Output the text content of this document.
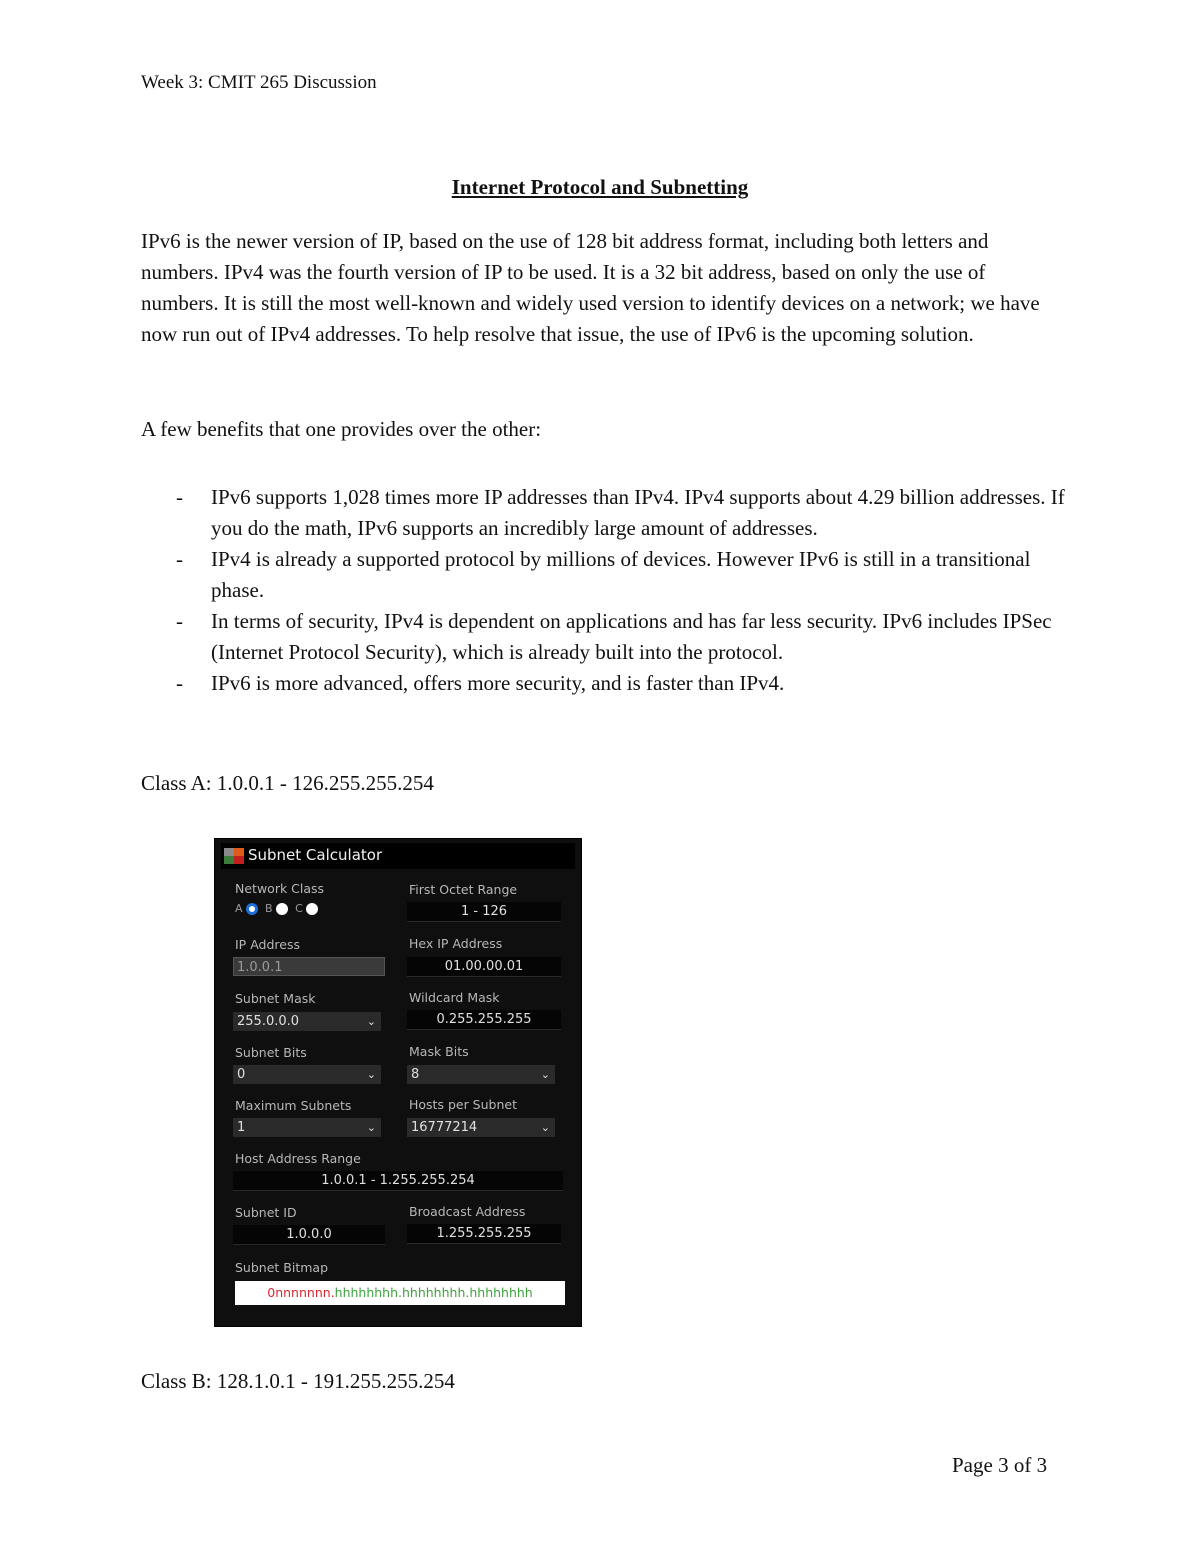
Week 3: CMIT 265 Discussion
Internet Protocol and Subnetting

IPv6 is the newer version of IP, based on the use of 128 bit address format, including both letters and numbers. IPv4 was the fourth version of IP to be used. It is a 32 bit address, based on only the use of numbers. It is still the most well-known and widely used version to identify devices on a network; we have now run out of IPv4 addresses. To help resolve that issue, the use of IPv6 is the upcoming solution.

A few benefits that one provides over the other:
- IPv6 supports 1,028 times more IP addresses than IPv4. IPv4 supports about 4.29 billion addresses. If you do the math, IPv6 supports an incredibly large amount of addresses.
- IPv4 is already a supported protocol by millions of devices. However IPv6 is still in a transitional phase.
- In terms of security, IPv4 is dependent on applications and has far less security. IPv6 includes IPSec (Internet Protocol Security), which is already built into the protocol.
- IPv6 is more advanced, offers more security, and is faster than IPv4.
Class A: 1.0.0.1 - 126.255.255.254
Subnet Calculator
Network Class
A B C
First Octet Range
1 - 126
IP Address
1.0.0.1
Hex IP Address
01.00.00.01
Subnet Mask
255.0.0.0	⌄
Wildcard Mask
0.255.255.255
Subnet Bits
0	⌄
Mask Bits
8	⌄
Maximum Subnets
1	⌄
Hosts per Subnet
16777214	⌄
Host Address Range
1.0.0.1 - 1.255.255.254
Subnet ID
1.0.0.0
Broadcast Address
1.255.255.255
Subnet Bitmap
0nnnnnnn.hhhhhhhh.hhhhhhhh.hhhhhhhh
Class B: 128.1.0.1 - 191.255.255.254
Page 3 of 3
